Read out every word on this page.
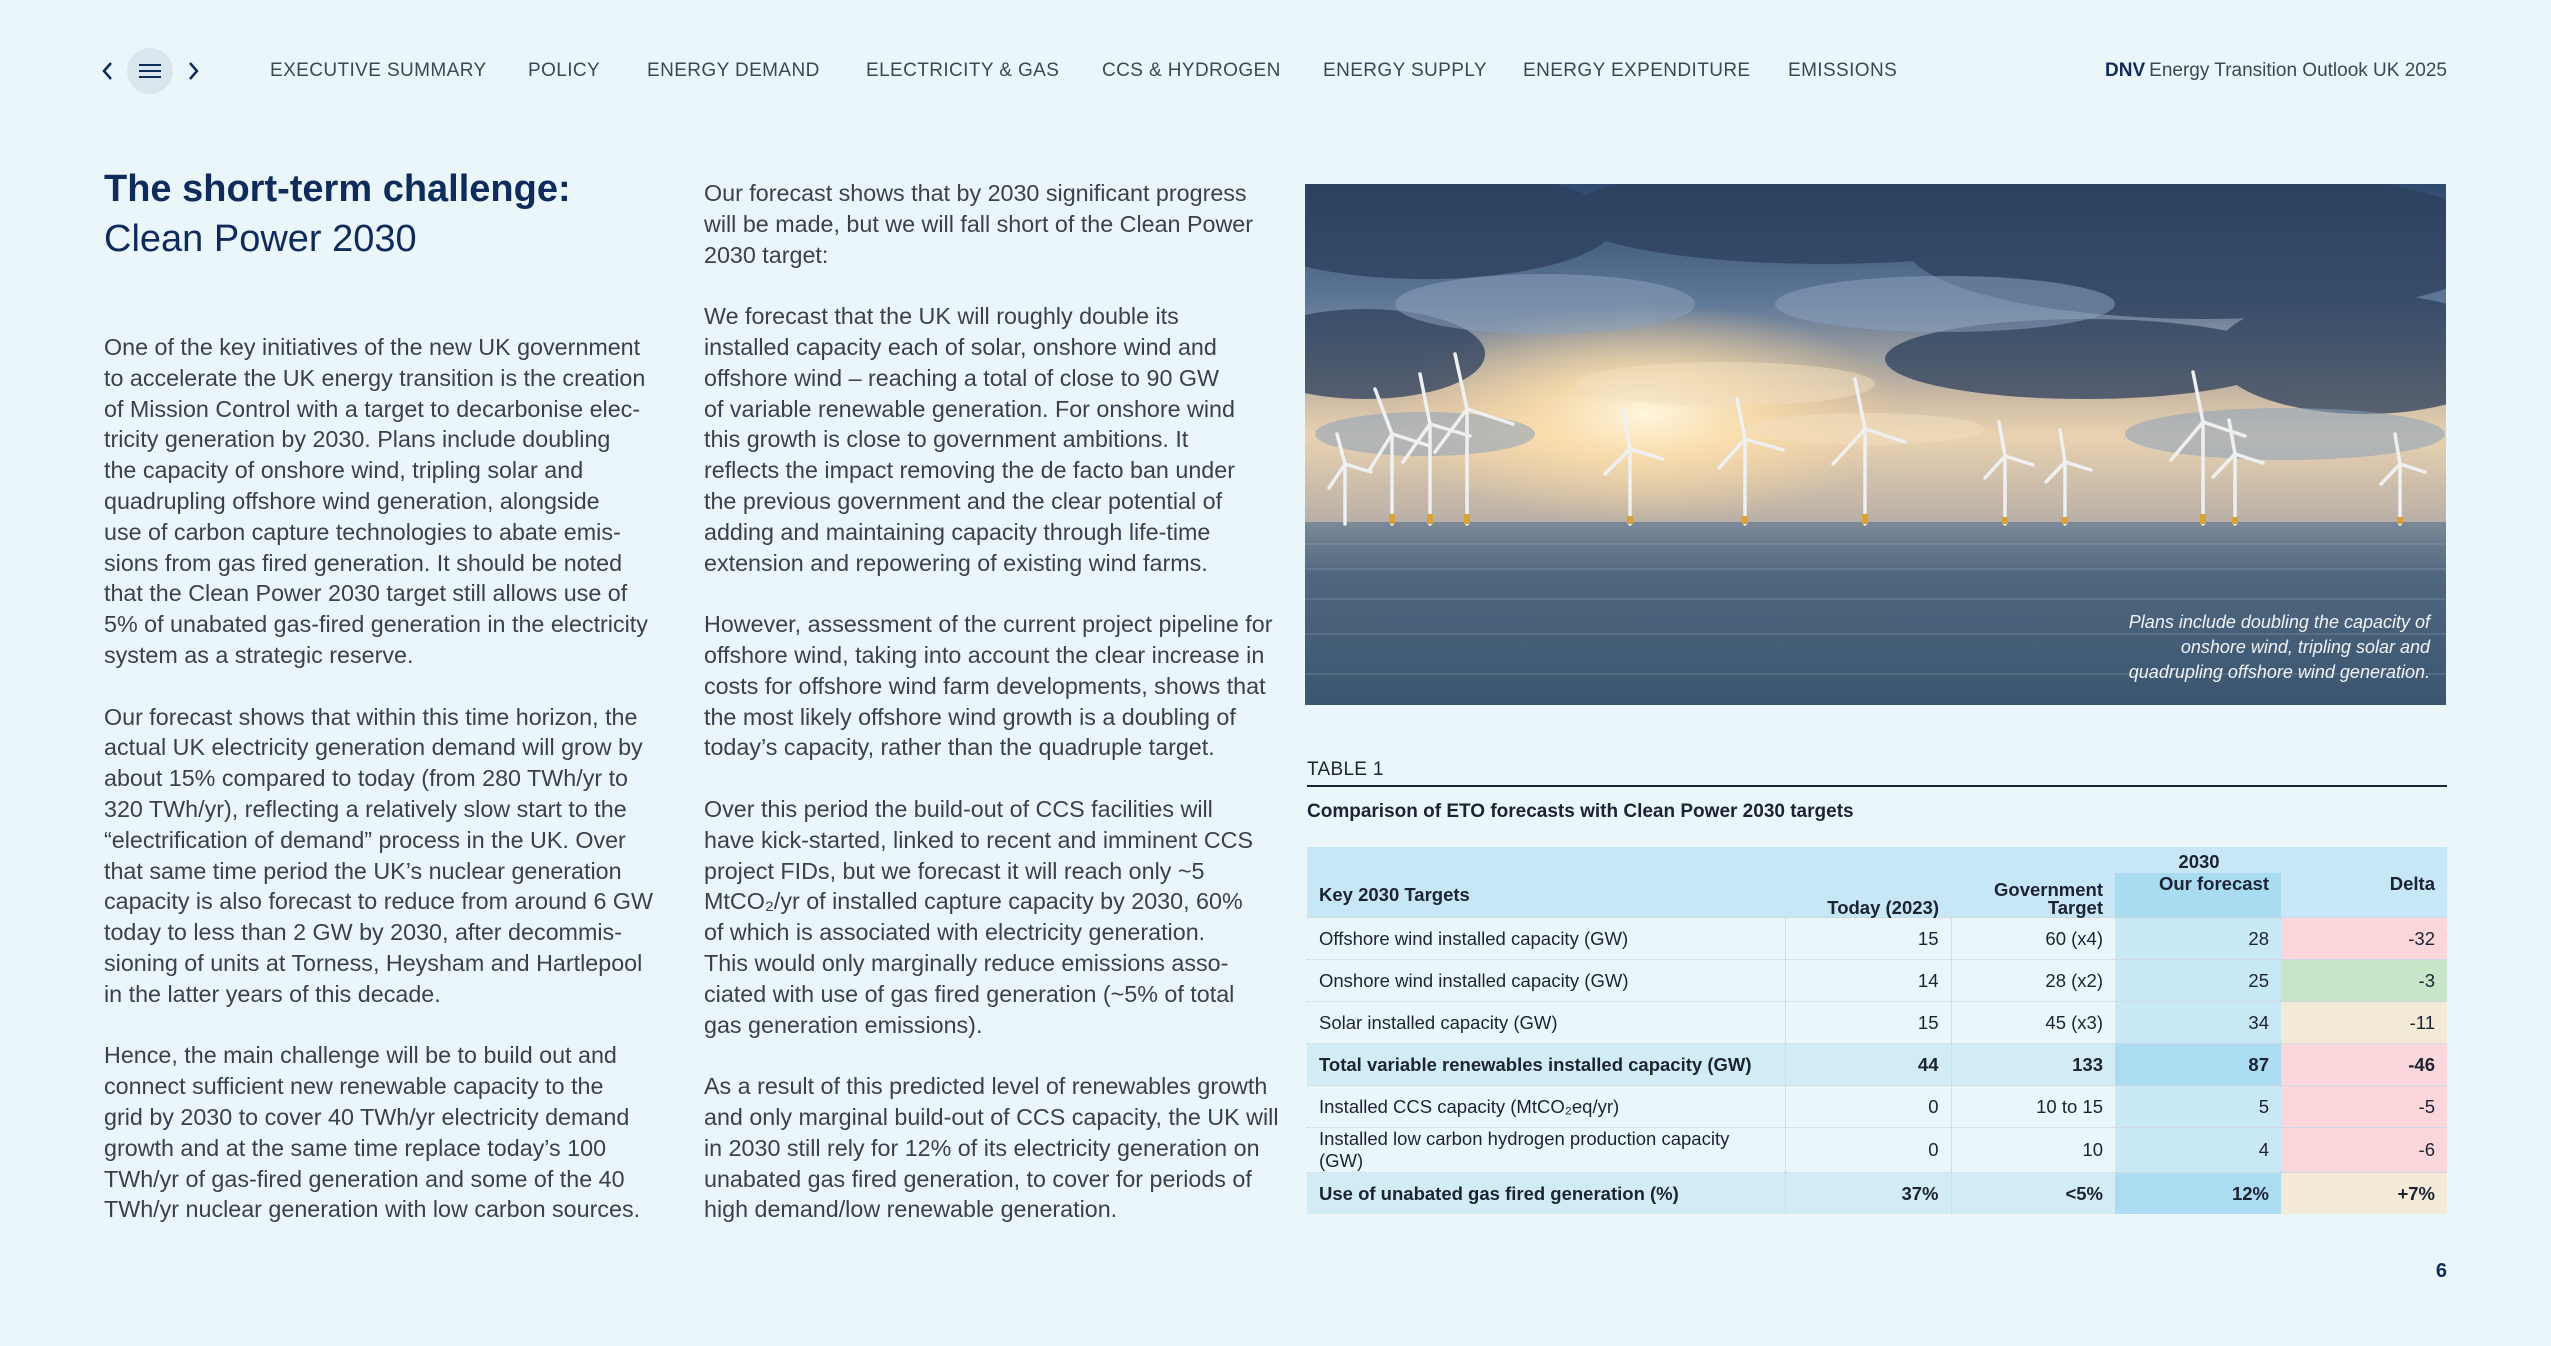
EXECUTIVE SUMMARY POLICY ENERGY DEMAND ELECTRICITY & GAS CCS & HYDROGEN ENERGY SUPPLY ENERGY EXPENDITURE EMISSIONS	DNV Energy Transition Outlook UK 2025
The short-term challenge:
Clean Power 2030

One of the key initiatives of the new UK government
to accelerate the UK energy transition is the creation
of Mission Control with a target to decarbonise elec-
tricity generation by 2030. Plans include doubling
the capacity of onshore wind, tripling solar and
quadrupling offshore wind generation, alongside
use of carbon capture technologies to abate emis-
sions from gas fired generation. It should be noted
that the Clean Power 2030 target still allows use of
5% of unabated gas-fired generation in the electricity
system as a strategic reserve.

Our forecast shows that within this time horizon, the
actual UK electricity generation demand will grow by
about 15% compared to today (from 280 TWh/yr to
320 TWh/yr), reflecting a relatively slow start to the
“electrification of demand” process in the UK. Over
that same time period the UK’s nuclear generation
capacity is also forecast to reduce from around 6 GW
today to less than 2 GW by 2030, after decommis-
sioning of units at Torness, Heysham and Hartlepool
in the latter years of this decade.

Hence, the main challenge will be to build out and
connect sufficient new renewable capacity to the
grid by 2030 to cover 40 TWh/yr electricity demand
growth and at the same time replace today’s 100
TWh/yr of gas-fired generation and some of the 40
TWh/yr nuclear generation with low carbon sources.

Our forecast shows that by 2030 significant progress
will be made, but we will fall short of the Clean Power
2030 target:

We forecast that the UK will roughly double its
installed capacity each of solar, onshore wind and
offshore wind – reaching a total of close to 90 GW
of variable renewable generation. For onshore wind
this growth is close to government ambitions. It
reflects the impact removing the de facto ban under
the previous government and the clear potential of
adding and maintaining capacity through life-time
extension and repowering of existing wind farms.

However, assessment of the current project pipeline for
offshore wind, taking into account the clear increase in
costs for offshore wind farm developments, shows that
the most likely offshore wind growth is a doubling of
today’s capacity, rather than the quadruple target.

Over this period the build-out of CCS facilities will
have kick-started, linked to recent and imminent CCS
project FIDs, but we forecast it will reach only ~5
MtCO₂/yr of installed capture capacity by 2030, 60%
of which is associated with electricity generation.
This would only marginally reduce emissions asso-
ciated with use of gas fired generation (~5% of total
gas generation emissions).

As a result of this predicted level of renewables growth
and only marginal build-out of CCS capacity, the UK will
in 2030 still rely for 12% of its electricity generation on
unabated gas fired generation, to cover for periods of
high demand/low renewable generation.

Plans include doubling the capacity of
onshore wind, tripling solar and
quadrupling offshore wind generation.
TABLE 1
Comparison of ETO forecasts with Clean Power 2030 targets
		2030		
Key 2030 Targets	Today (2023)	Government Target	Our forecast	Delta
Offshore wind installed capacity (GW)	15	60 (x4)	28	-32
Onshore wind installed capacity (GW)	14	28 (x2)	25	-3
Solar installed capacity (GW)	15	45 (x3)	34	-11
Total variable renewables installed capacity (GW)	44	133	87	-46
Installed CCS capacity (MtCO₂eq/yr)	0	10 to 15	5	-5
Installed low carbon hydrogen production capacity (GW)	0	10	4	-6
Use of unabated gas fired generation (%)	37%	<5%	12%	+7%
6
